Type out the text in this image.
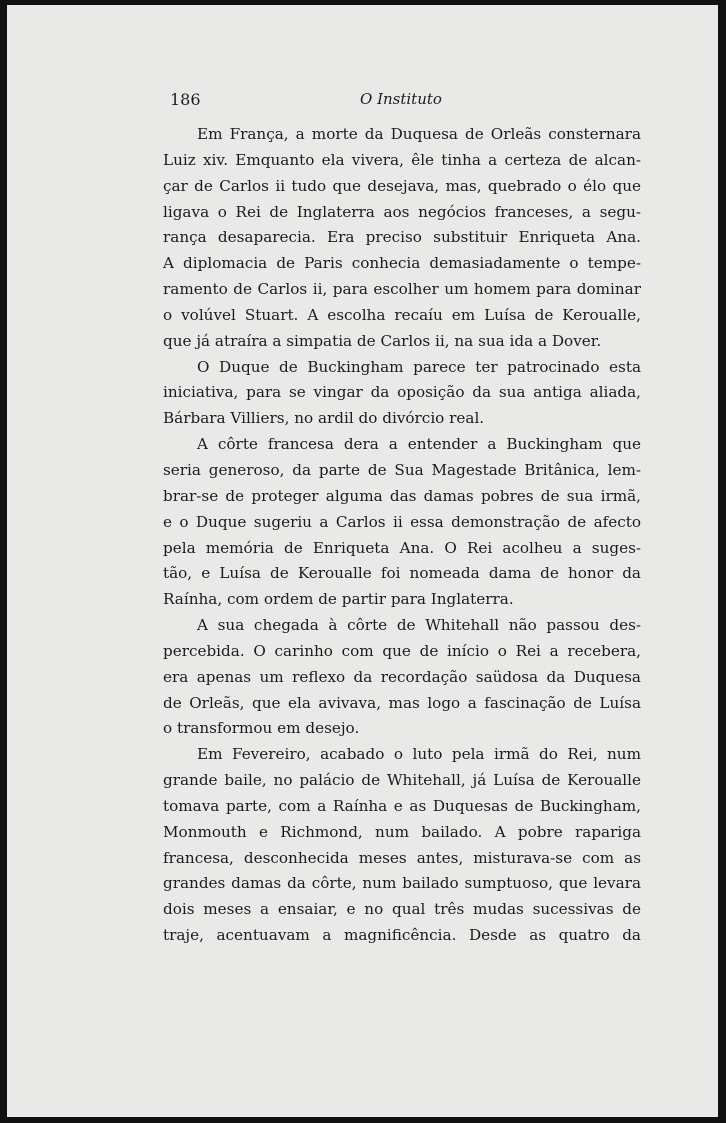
186	O Instituto
Em França, a morte da Duquesa de Orleãs consternara
Luiz xiv. Emquanto ela vivera, êle tinha a certeza de alcan-
çar de Carlos ii tudo que desejava, mas, quebrado o élo que
ligava o Rei de Inglaterra aos negócios franceses, a segu-
rança desaparecia. Era preciso substituir Enriqueta Ana.
A diplomacia de Paris conhecia demasiadamente o tempe-
ramento de Carlos ii, para escolher um homem para dominar
o volúvel Stuart. A escolha recaíu em Luísa de Keroualle,
que já atraíra a simpatia de Carlos ii, na sua ida a Dover.
O Duque de Buckingham parece ter patrocinado esta
iniciativa, para se vingar da oposição da sua antiga aliada,
Bárbara Villiers, no ardil do divórcio real.
A côrte francesa dera a entender a Buckingham que
seria generoso, da parte de Sua Magestade Britânica, lem-
brar-se de proteger alguma das damas pobres de sua irmã,
e o Duque sugeriu a Carlos ii essa demonstração de afecto
pela memória de Enriqueta Ana. O Rei acolheu a suges-
tão, e Luísa de Keroualle foi nomeada dama de honor da
Raínha, com ordem de partir para Inglaterra.
A sua chegada à côrte de Whitehall não passou des-
percebida. O carinho com que de início o Rei a recebera,
era apenas um reflexo da recordação saüdosa da Duquesa
de Orleãs, que ela avivava, mas logo a fascinação de Luísa
o transformou em desejo.
Em Fevereiro, acabado o luto pela irmã do Rei, num
grande baile, no palácio de Whitehall, já Luísa de Keroualle
tomava parte, com a Raínha e as Duquesas de Buckingham,
Monmouth e Richmond, num bailado. A pobre rapariga
francesa, desconhecida meses antes, misturava-se com as
grandes damas da côrte, num bailado sumptuoso, que levara
dois meses a ensaiar, e no qual três mudas sucessivas de
traje, acentuavam a magnificência. Desde as quatro da
